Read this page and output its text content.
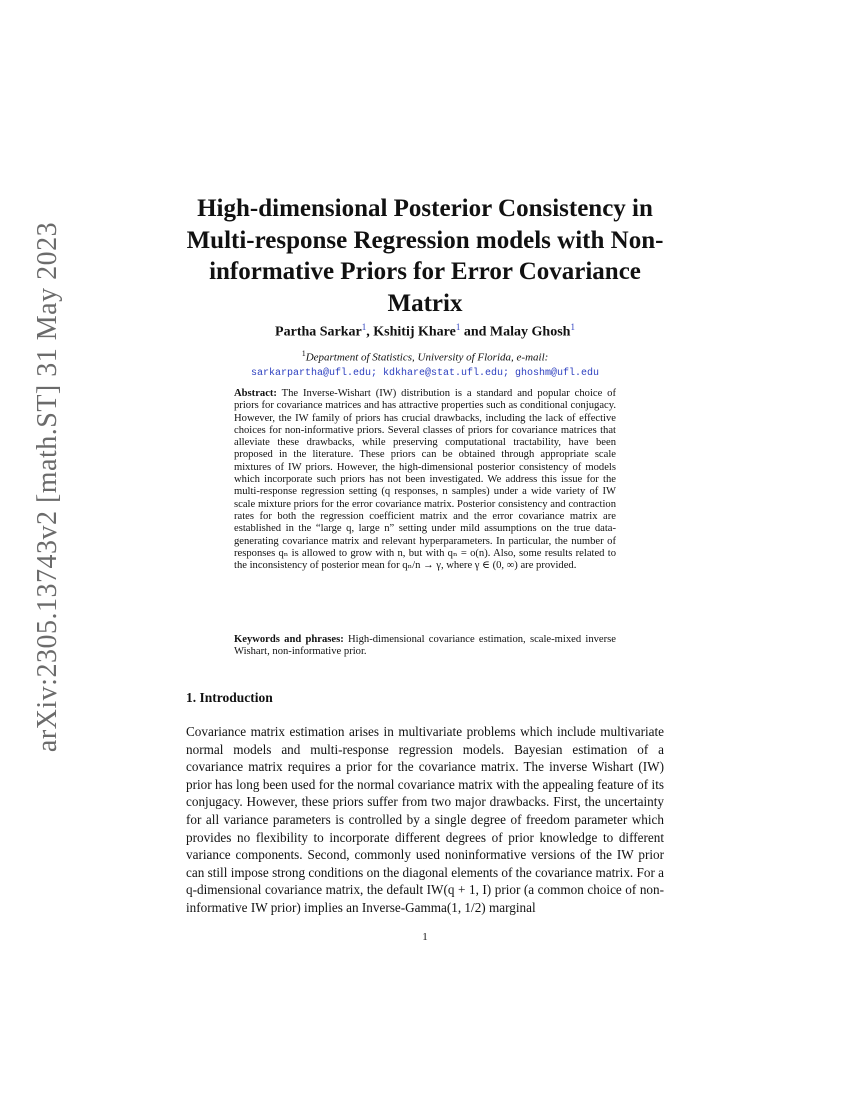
arXiv:2305.13743v2 [math.ST] 31 May 2023
High-dimensional Posterior Consistency in Multi-response Regression models with Non-informative Priors for Error Covariance Matrix
Partha Sarkar$^1$, Kshitij Khare$^1$ and Malay Ghosh$^1$
$^1$Department of Statistics, University of Florida, e-mail:
sarkarpartha@ufl.edu; kdkhare@stat.ufl.edu; ghoshm@ufl.edu
Abstract: The Inverse-Wishart (IW) distribution is a standard and popular choice of priors for covariance matrices and has attractive properties such as conditional conjugacy. However, the IW family of priors has crucial drawbacks, including the lack of effective choices for non-informative priors. Several classes of priors for covariance matrices that alleviate these drawbacks, while preserving computational tractability, have been proposed in the literature. These priors can be obtained through appropriate scale mixtures of IW priors. However, the high-dimensional posterior consistency of models which incorporate such priors has not been investigated. We address this issue for the multi-response regression setting (q responses, n samples) under a wide variety of IW scale mixture priors for the error covariance matrix. Posterior consistency and contraction rates for both the regression coefficient matrix and the error covariance matrix are established in the “large q, large n” setting under mild assumptions on the true data-generating covariance matrix and relevant hyperparameters. In particular, the number of responses qₙ is allowed to grow with n, but with qₙ = o(n). Also, some results related to the inconsistency of posterior mean for qₙ/n → γ, where γ ∈ (0, ∞) are provided.
Keywords and phrases: High-dimensional covariance estimation, scale-mixed inverse Wishart, non-informative prior.
1. Introduction
Covariance matrix estimation arises in multivariate problems which include multivariate normal models and multi-response regression models. Bayesian estimation of a covariance matrix requires a prior for the covariance matrix. The inverse Wishart (IW) prior has long been used for the normal covariance matrix with the appealing feature of its conjugacy. However, these priors suffer from two major drawbacks. First, the uncertainty for all variance parameters is controlled by a single degree of freedom parameter which provides no flexibility to incorporate different degrees of prior knowledge to different variance components. Second, commonly used noninformative versions of the IW prior can still impose strong conditions on the diagonal elements of the covariance matrix. For a q-dimensional covariance matrix, the default IW(q + 1, I) prior (a common choice of non-informative IW prior) implies an Inverse-Gamma(1, 1/2) marginal
1
